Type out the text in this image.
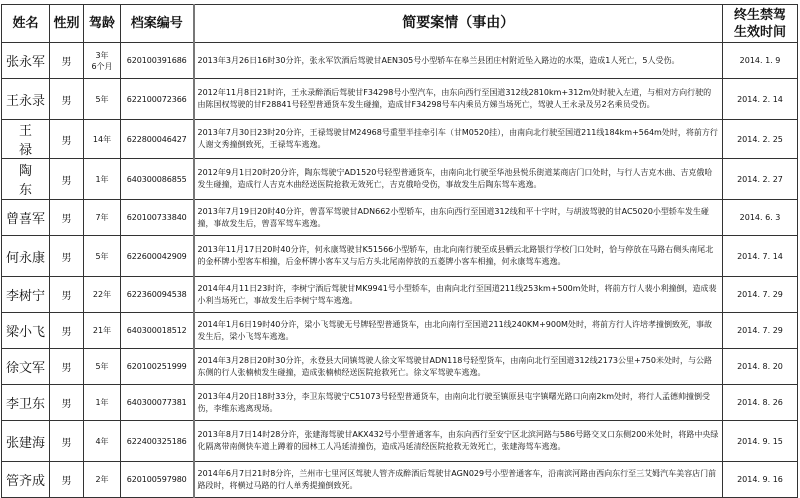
姓名	性别	驾龄	档案编号	简要案情（事由）	终生禁驾
生效时间

张永军	男	3年
6个月	620100391686	2013年3月26日16时30分许，张永军饮酒后驾驶甘AEN305号小型轿车在皋兰县团庄村附近坠入路边的水渠，造成1人死亡，5人受伤。	2014. 1. 9
王永录	男	5年	622100072366	2012年11月8日21时许，王永录醉酒后驾驶甘F34298号小型汽车，由东向西行至国道312线2810km+312m处时驶入左道，与相对方向行驶的由陈国权驾驶的甘F28841号轻型普通货车发生碰撞，造成甘F34298号车内乘员方娣当场死亡，驾驶人王永录及另2名乘员受伤。	2014. 2. 14
王禄	男	14年	622800046427	2013年7月30日23时20分许，王禄驾驶甘M24968号重型半挂牵引车（甘M0520挂），由南向北行驶至国道211线184km+564m处时，将前方行人谢文秀撞倒致死，王禄驾车逃逸。	2014. 2. 25
陶东	男	1年	640300086855	2012年9月1日20时20分许，陶东驾驶宁AD1520号轻型普通货车，由南向北行驶至华池县悦乐街道某商店门口处时，与行人吉克木曲、吉克俄哈发生碰撞，造成行人吉克木曲经送医院抢救无效死亡，吉克俄哈受伤，事故发生后陶东驾车逃逸。	2014. 2. 27
曾喜军	男	7年	620100733840	2013年7月19日20时40分许，曾喜军驾驶甘ADN662小型轿车，由东向西行至国道312线和平十字时，与胡波驾驶的甘AC5020小型轿车发生碰撞，事故发生后，曾喜军驾车逃逸。	2014. 6. 3
何永康	男	5年	622600042909	2013年11月17日20时40分许，何永康驾驶甘K51566小型轿车，由北向南行驶至成县栖云北路银行学校门口处时，恰与停放在马路右侧头南尾北的金杯牌小型客车相撞，后金杯牌小客车又与后方头北尾南停放的五菱牌小客车相撞，何永康驾车逃逸。	2014. 7. 14
李树宁	男	22年	622360094538	2014年4月11日23时许，李树宁酒后驾驶甘MK9941号小型轿车，由南向北行至国道211线253km+500m处时，将前方行人裴小利撞倒，造成裴小利当场死亡，事故发生后李树宁驾车逃逸。	2014. 7. 29
梁小飞	男	21年	640300018512	2014年1月6日19时40分许，梁小飞驾驶无号牌轻型普通货车，由北向南行至国道211线240KM+900M处时，将前方行人许培孝撞倒致死，事故发生后，梁小飞驾车逃逸。	2014. 7. 29
徐文军	男	5年	620100251999	2014年3月28日20时30分许，永登县大同镇驾驶人徐文军驾驶甘ADN118号轻型货车，由南向北行至国道312线2173公里+750米处时，与公路东侧的行人张楠桢发生碰撞，造成张楠桢经送医院抢救死亡。徐文军驾驶车逃逸。	2014. 8. 20
李卫东	男	1年	640300077381	2013年4月20日18时33分，李卫东驾驶宁C51073号轻型普通货车，由南向北行驶至镇原县屯字镇曙光路口向南2km处时，将行人孟德帅撞倒受伤，李维东逃离现场。	2014. 8. 26
张建海	男	4年	622400325186	2013年8月7日14时28分许，张建海驾驶甘AKX432号小型普通客车，由东向西行至安宁区北滨河路与586号路交叉口东侧200米处时，将路中央绿化隔离带南侧快车道上蹲着的园林工人冯延清撞伤，造成冯延清经医院抢救无效死亡，张建海驾车逃逸。	2014. 9. 15
管齐成	男	2年	620100597980	2014年6月7日21时8分许，兰州市七里河区驾驶人管齐成醉酒后驾驶甘AGN029号小型普通客车，沿南滨河路由西向东行至三艾姆汽车美容店门前路段时，将横过马路的行人单秀提撞倒致死。	2014. 9. 16
